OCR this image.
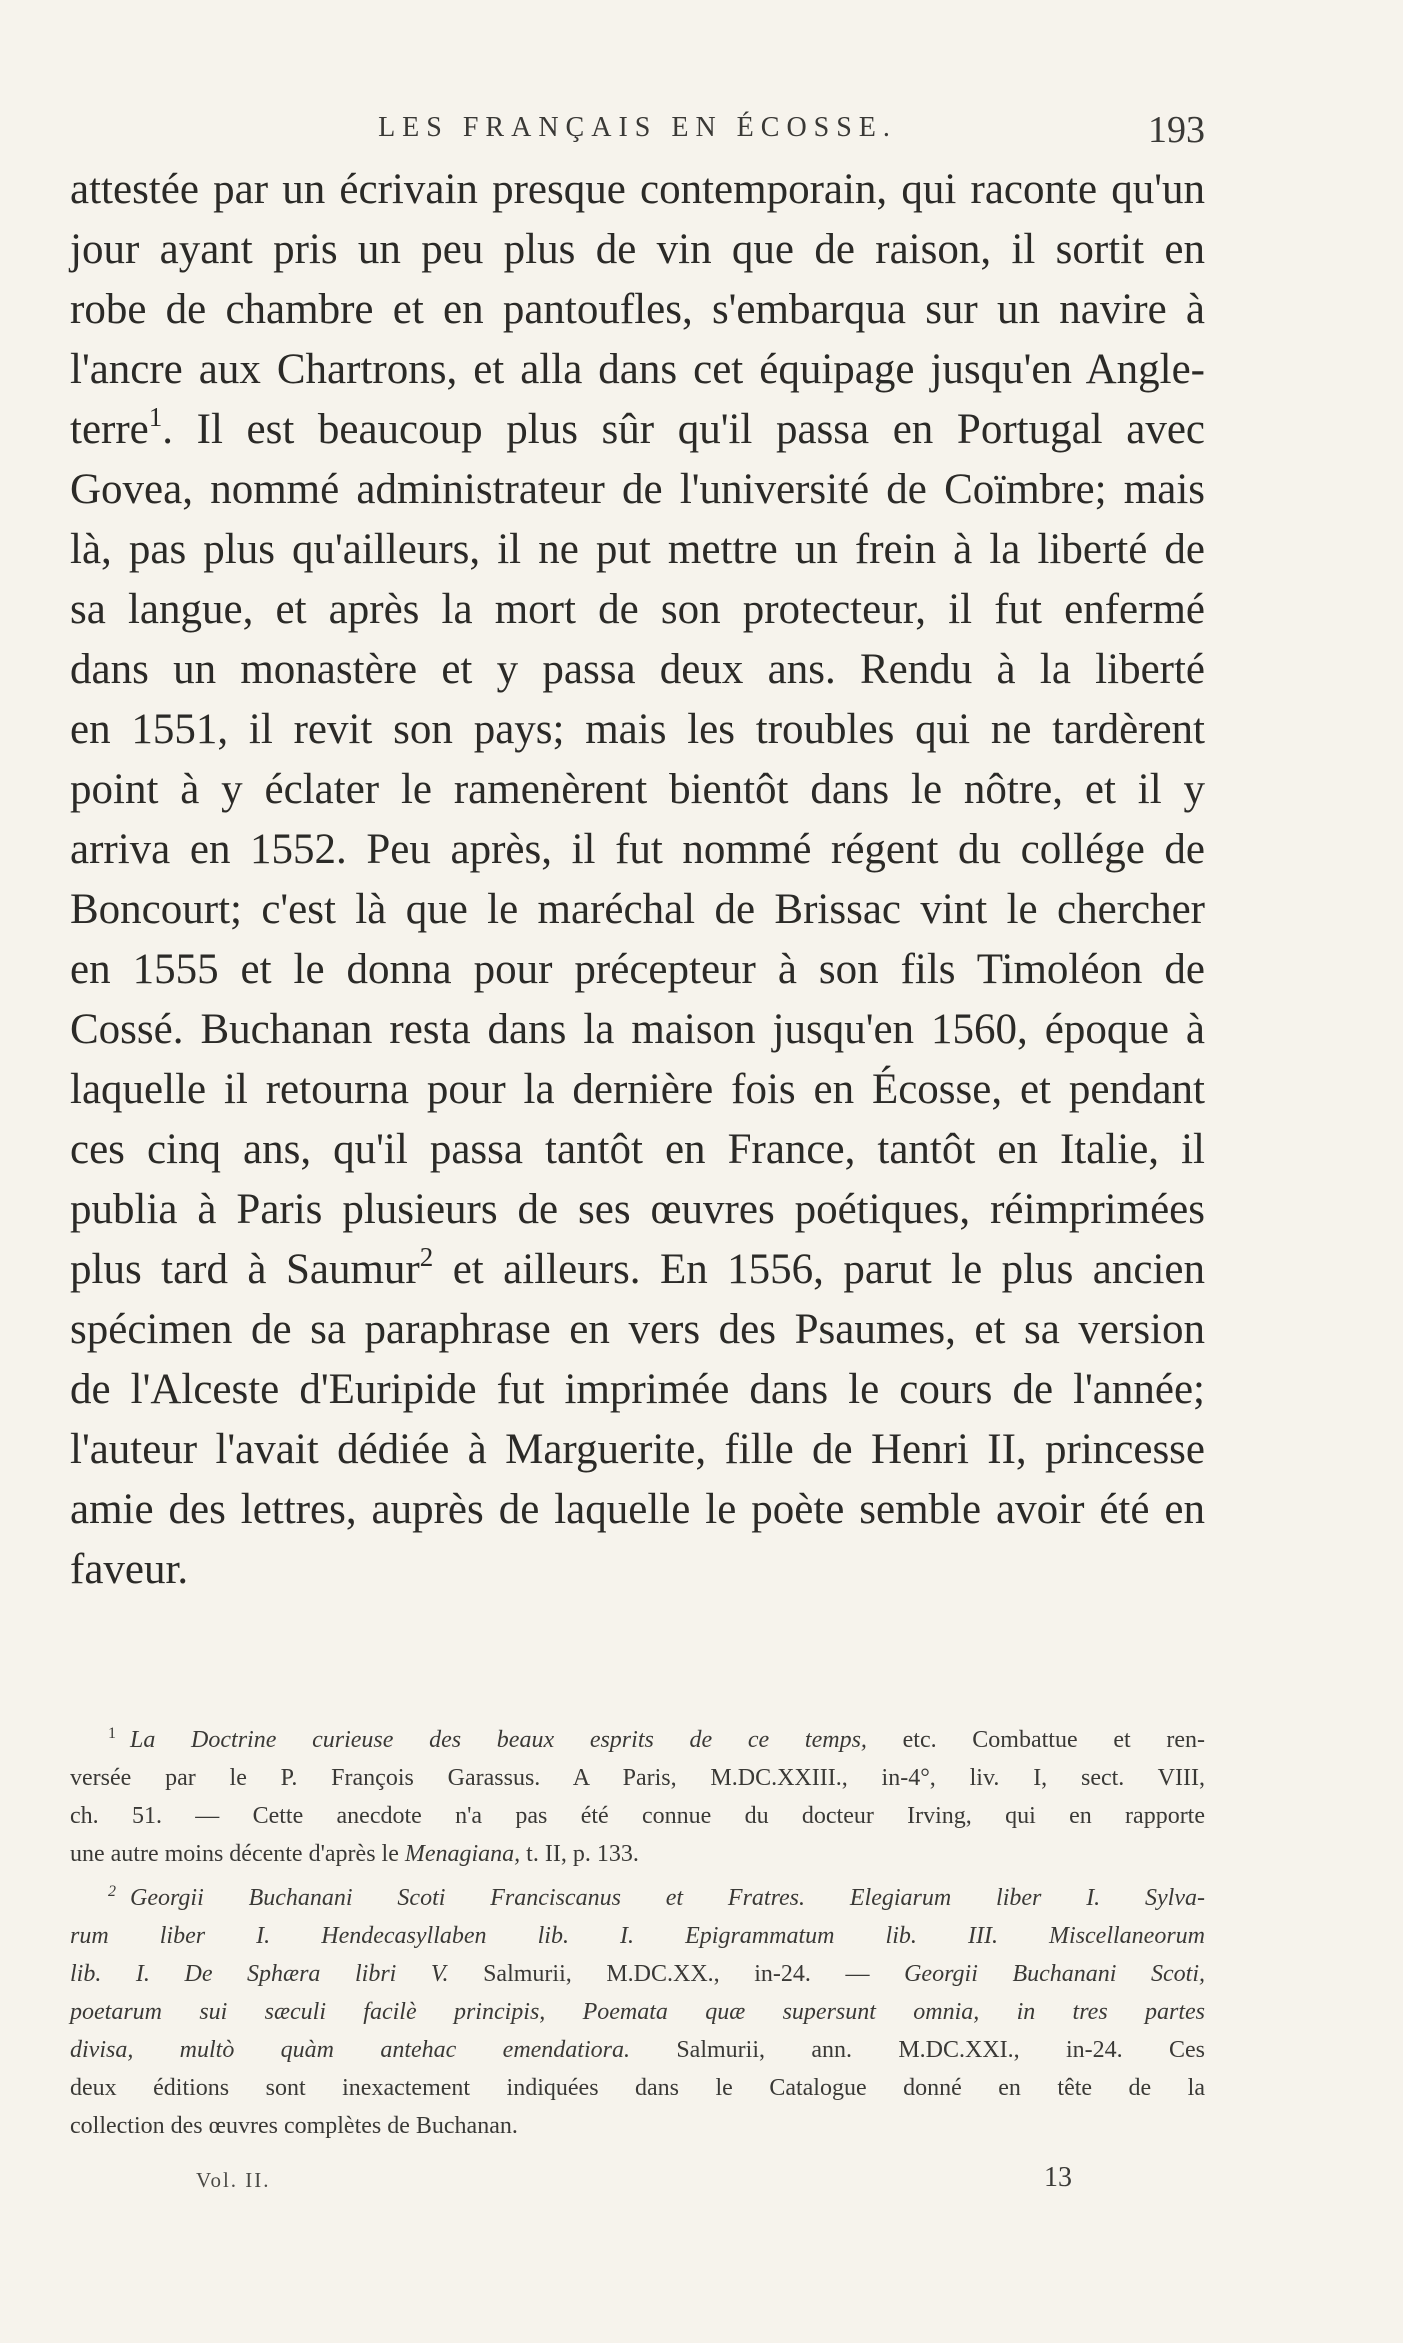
LES FRANÇAIS EN ÉCOSSE.	193
attestée par un écrivain presque contemporain, qui raconte qu'un
jour ayant pris un peu plus de vin que de raison, il sortit en
robe de chambre et en pantoufles, s'embarqua sur un navire à
l'ancre aux Chartrons, et alla dans cet équipage jusqu'en Angle-
terre$^1$. Il est beaucoup plus sûr qu'il passa en Portugal avec
Govea, nommé administrateur de l'université de Coïmbre; mais
là, pas plus qu'ailleurs, il ne put mettre un frein à la liberté de
sa langue, et après la mort de son protecteur, il fut enfermé
dans un monastère et y passa deux ans. Rendu à la liberté
en 1551, il revit son pays; mais les troubles qui ne tardèrent
point à y éclater le ramenèrent bientôt dans le nôtre, et il y
arriva en 1552. Peu après, il fut nommé régent du collége de
Boncourt; c'est là que le maréchal de Brissac vint le chercher
en 1555 et le donna pour précepteur à son fils Timoléon de
Cossé. Buchanan resta dans la maison jusqu'en 1560, époque à
laquelle il retourna pour la dernière fois en Écosse, et pendant
ces cinq ans, qu'il passa tantôt en France, tantôt en Italie, il
publia à Paris plusieurs de ses œuvres poétiques, réimprimées
plus tard à Saumur$^2$ et ailleurs. En 1556, parut le plus ancien
spécimen de sa paraphrase en vers des Psaumes, et sa version
de l'Alceste d'Euripide fut imprimée dans le cours de l'année;
l'auteur l'avait dédiée à Marguerite, fille de Henri II, princesse
amie des lettres, auprès de laquelle le poète semble avoir été en
faveur.
$^1$ La Doctrine curieuse des beaux esprits de ce temps, etc. Combattue et ren-
versée par le P. François Garassus. A Paris, M.DC.XXIII., in-4°, liv. I, sect. VIII,
ch. 51. — Cette anecdote n'a pas été connue du docteur Irving, qui en rapporte
une autre moins décente d'après le Menagiana, t. II, p. 133.
$^2$ Georgii Buchanani Scoti Franciscanus et Fratres. Elegiarum liber I. Sylva-
rum liber I. Hendecasyllaben lib. I. Epigrammatum lib. III. Miscellaneorum
lib. I. De Sphæra libri V. Salmurii, M.DC.XX., in-24. — Georgii Buchanani Scoti,
poetarum sui sæculi facilè principis, Poemata quæ supersunt omnia, in tres partes
divisa, multò quàm antehac emendatiora. Salmurii, ann. M.DC.XXI., in-24. Ces
deux éditions sont inexactement indiquées dans le Catalogue donné en tête de la
collection des œuvres complètes de Buchanan.
Vol. II.	13
